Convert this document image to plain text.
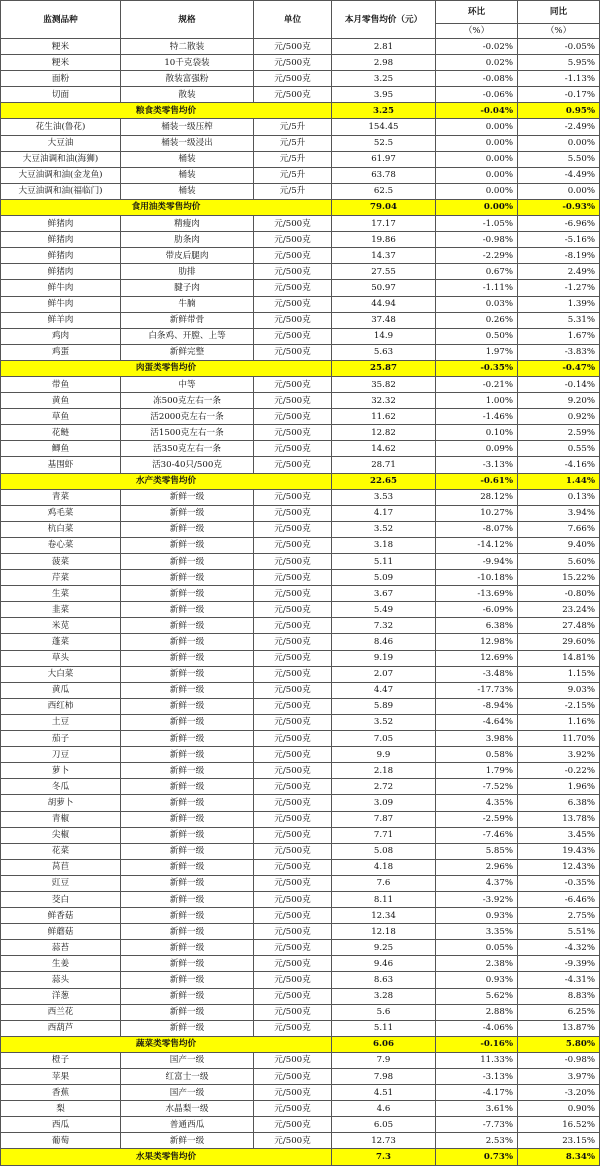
监测品种	规格	单位	本月零售均价（元）	环比	同比
				（%）	（%）
粳米	特二散装	元/500克	2.81	-0.02%	-0.05%
粳米	10千克袋装	元/500克	2.98	0.02%	5.95%
面粉	散装富强粉	元/500克	3.25	-0.08%	-1.13%
切面	散装	元/500克	3.95	-0.06%	-0.17%
粮食类零售均价			3.25	-0.04%	0.95%
花生油(鲁花)	桶装一级压榨	元/5升	154.45	0.00%	-2.49%
大豆油	桶装一级浸出	元/5升	52.5	0.00%	0.00%
大豆油调和油(海狮)	桶装	元/5升	61.97	0.00%	5.50%
大豆油调和油(金龙鱼)	桶装	元/5升	63.78	0.00%	-4.49%
大豆油调和油(福临门)	桶装	元/5升	62.5	0.00%	0.00%
食用油类零售均价			79.04	0.00%	-0.93%
鲜猪肉	精瘦肉	元/500克	17.17	-1.05%	-6.96%
鲜猪肉	肋条肉	元/500克	19.86	-0.98%	-5.16%
鲜猪肉	带皮后腿肉	元/500克	14.37	-2.29%	-8.19%
鲜猪肉	肋排	元/500克	27.55	0.67%	2.49%
鲜牛肉	腱子肉	元/500克	50.97	-1.11%	-1.27%
鲜牛肉	牛腩	元/500克	44.94	0.03%	1.39%
鲜羊肉	新鲜带骨	元/500克	37.48	0.26%	5.31%
鸡肉	白条鸡、开膛、上等	元/500克	14.9	0.50%	1.67%
鸡蛋	新鲜完整	元/500克	5.63	1.97%	-3.83%
肉蛋类零售均价			25.87	-0.35%	-0.47%
带鱼	中等	元/500克	35.82	-0.21%	-0.14%
黄鱼	冻500克左右一条	元/500克	32.32	1.00%	9.20%
草鱼	活2000克左右一条	元/500克	11.62	-1.46%	0.92%
花鲢	活1500克左右一条	元/500克	12.82	0.10%	2.59%
鲫鱼	活350克左右一条	元/500克	14.62	0.09%	0.55%
基围虾	活30-40只/500克	元/500克	28.71	-3.13%	-4.16%
水产类零售均价			22.65	-0.61%	1.44%
青菜	新鲜一级	元/500克	3.53	28.12%	0.13%
鸡毛菜	新鲜一级	元/500克	4.17	10.27%	3.94%
杭白菜	新鲜一级	元/500克	3.52	-8.07%	7.66%
卷心菜	新鲜一级	元/500克	3.18	-14.12%	9.40%
菠菜	新鲜一级	元/500克	5.11	-9.94%	5.60%
芹菜	新鲜一级	元/500克	5.09	-10.18%	15.22%
生菜	新鲜一级	元/500克	3.67	-13.69%	-0.80%
韭菜	新鲜一级	元/500克	5.49	-6.09%	23.24%
米苋	新鲜一级	元/500克	7.32	6.38%	27.48%
蓬菜	新鲜一级	元/500克	8.46	12.98%	29.60%
草头	新鲜一级	元/500克	9.19	12.69%	14.81%
大白菜	新鲜一级	元/500克	2.07	-3.48%	1.15%
黄瓜	新鲜一级	元/500克	4.47	-17.73%	9.03%
西红柿	新鲜一级	元/500克	5.89	-8.94%	-2.15%
土豆	新鲜一级	元/500克	3.52	-4.64%	1.16%
茄子	新鲜一级	元/500克	7.05	3.98%	11.70%
刀豆	新鲜一级	元/500克	9.9	0.58%	3.92%
萝卜	新鲜一级	元/500克	2.18	1.79%	-0.22%
冬瓜	新鲜一级	元/500克	2.72	-7.52%	1.96%
胡萝卜	新鲜一级	元/500克	3.09	4.35%	6.38%
青椒	新鲜一级	元/500克	7.87	-2.59%	13.78%
尖椒	新鲜一级	元/500克	7.71	-7.46%	3.45%
花菜	新鲜一级	元/500克	5.08	5.85%	19.43%
莴苣	新鲜一级	元/500克	4.18	2.96%	12.43%
豇豆	新鲜一级	元/500克	7.6	4.37%	-0.35%
茭白	新鲜一级	元/500克	8.11	-3.92%	-6.46%
鲜香菇	新鲜一级	元/500克	12.34	0.93%	2.75%
鲜蘑菇	新鲜一级	元/500克	12.18	3.35%	5.51%
蒜苔	新鲜一级	元/500克	9.25	0.05%	-4.32%
生姜	新鲜一级	元/500克	9.46	2.38%	-9.39%
蒜头	新鲜一级	元/500克	8.63	0.93%	-4.31%
洋葱	新鲜一级	元/500克	3.28	5.62%	8.83%
西兰花	新鲜一级	元/500克	5.6	2.88%	6.25%
西葫芦	新鲜一级	元/500克	5.11	-4.06%	13.87%
蔬菜类零售均价			6.06	-0.16%	5.80%
橙子	国产一级	元/500克	7.9	11.33%	-0.98%
苹果	红富士一级	元/500克	7.98	-3.13%	3.97%
香蕉	国产一级	元/500克	4.51	-4.17%	-3.20%
梨	水晶梨一级	元/500克	4.6	3.61%	0.90%
西瓜	普通西瓜	元/500克	6.05	-7.73%	16.52%
葡萄	新鲜一级	元/500克	12.73	2.53%	23.15%
水果类零售均价			7.3	0.73%	8.34%
